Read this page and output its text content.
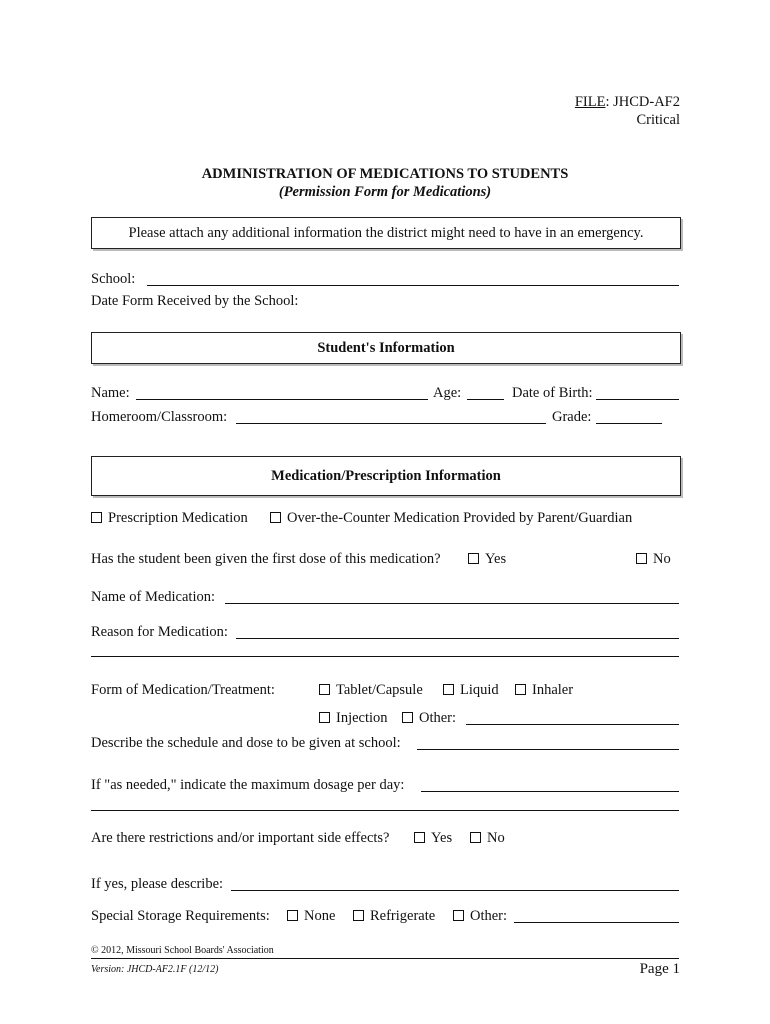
FILE: JHCD-AF2
Critical
ADMINISTRATION OF MEDICATIONS TO STUDENTS
(Permission Form for Medications)
Please attach any additional information the district might need to have in an emergency.
School:
Date Form Received by the School:
Student's Information
Name:	Age:	Date of Birth:
Homeroom/Classroom:	Grade:
Medication/Prescription Information
Prescription Medication	Over-the-Counter Medication Provided by Parent/Guardian
Has the student been given the first dose of this medication?	Yes	No
Name of Medication:
Reason for Medication:
Form of Medication/Treatment:	Tablet/Capsule	Liquid	Inhaler
Injection	Other:
Describe the schedule and dose to be given at school:
If "as needed," indicate the maximum dosage per day:
Are there restrictions and/or important side effects?	Yes	No
If yes, please describe:
Special Storage Requirements:	None	Refrigerate	Other:
© 2012, Missouri School Boards' Association
Version: JHCD-AF2.1F (12/12)	Page 1
